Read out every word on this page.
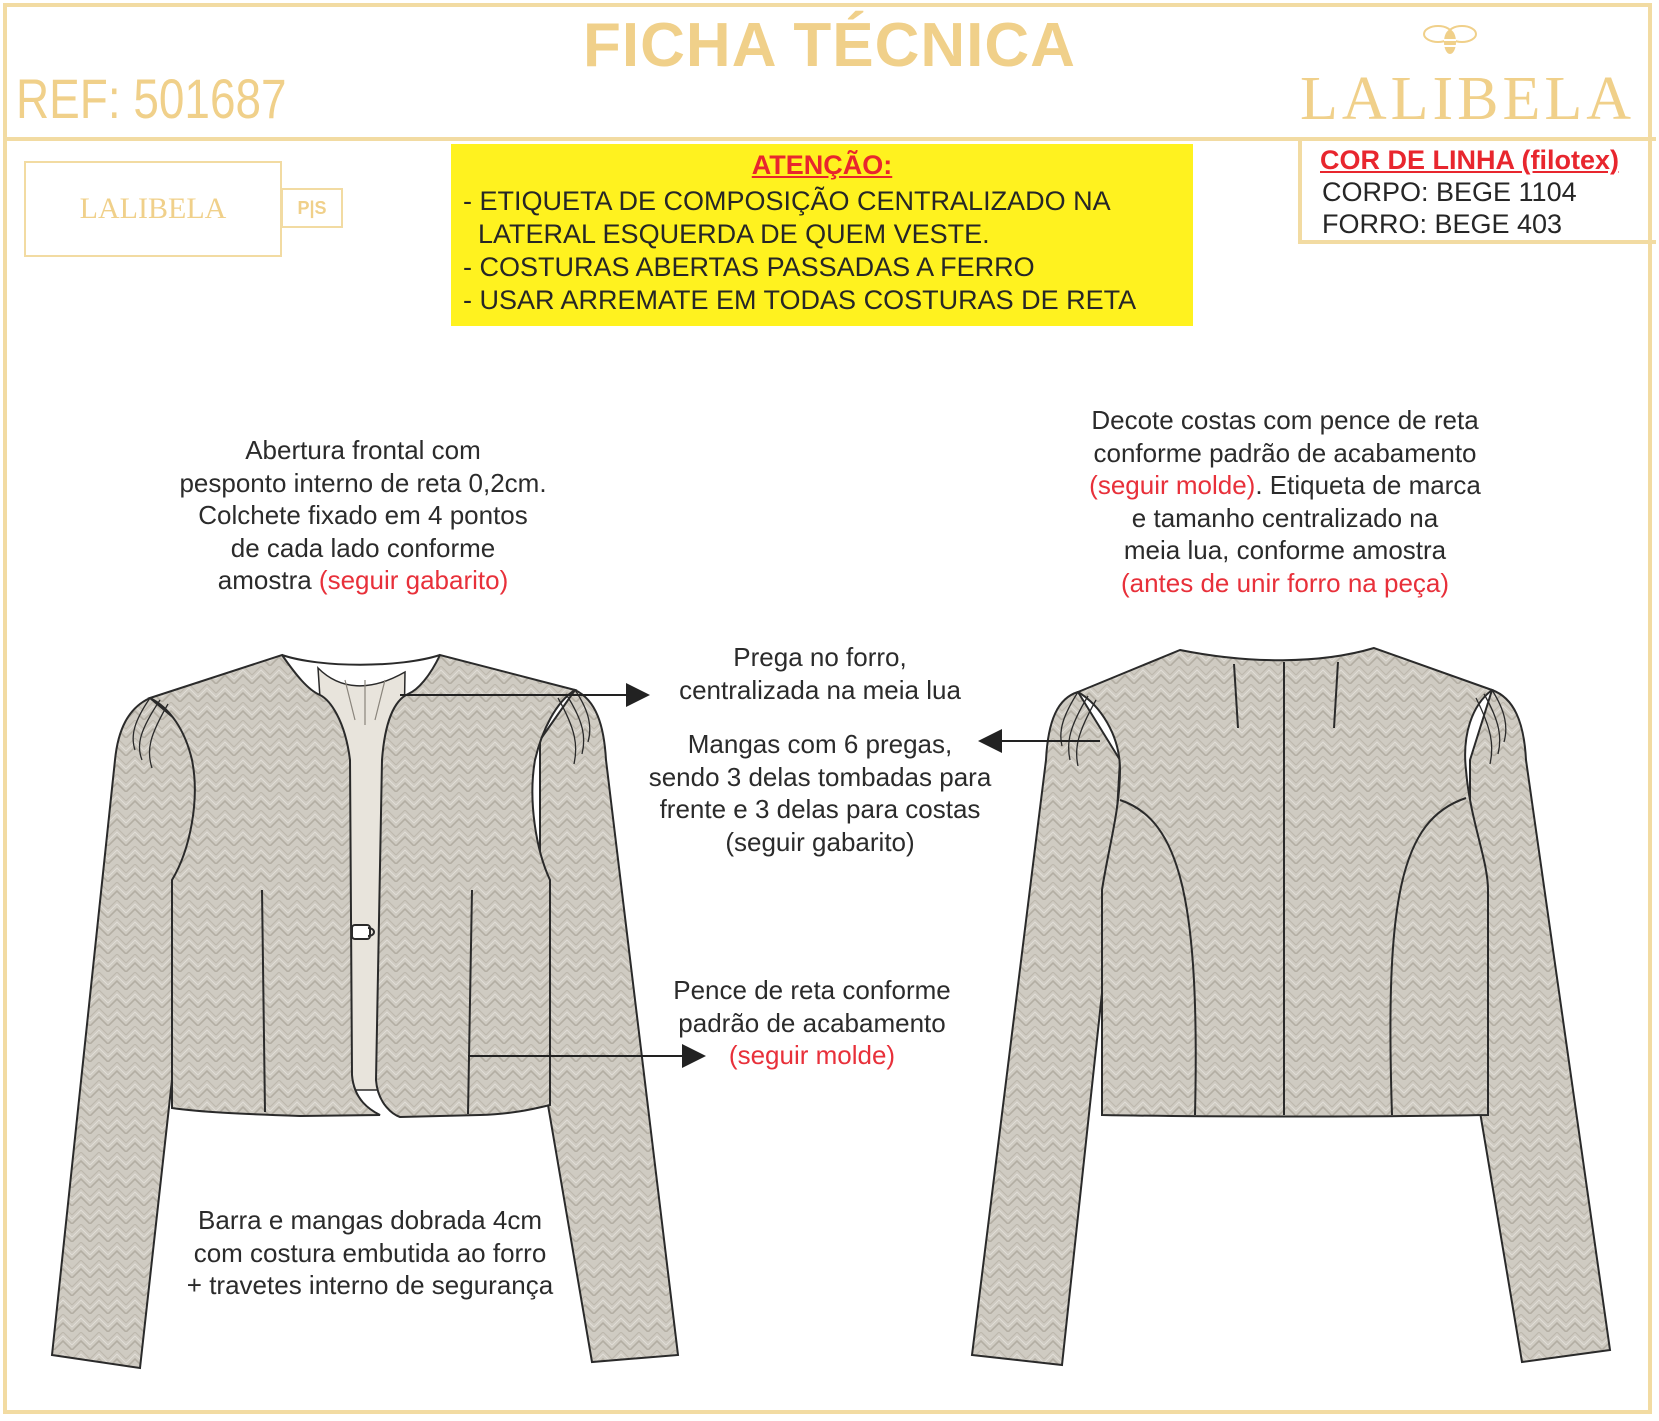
FICHA TÉCNICA
REF: 501687	LALIBELA
LALIBELA	P|S
ATENÇÃO:
- ETIQUETA DE COMPOSIÇÃO CENTRALIZADO NA
LATERAL ESQUERDA DE QUEM VESTE.
- COSTURAS ABERTAS PASSADAS A FERRO
- USAR ARREMATE EM TODAS COSTURAS DE RETA
COR DE LINHA (filotex)
CORPO: BEGE 1104
FORRO: BEGE 403
Abertura frontal com
pesponto interno de reta 0,2cm.
Colchete fixado em 4 pontos
de cada lado conforme
amostra (seguir gabarito)
Decote costas com pence de reta
conforme padrão de acabamento
(seguir molde). Etiqueta de marca
e tamanho centralizado na
meia lua, conforme amostra
(antes de unir forro na peça)
Prega no forro,
centralizada na meia lua
Mangas com 6 pregas,
sendo 3 delas tombadas para
frente e 3 delas para costas
(seguir gabarito)
Pence de reta conforme
padrão de acabamento
(seguir molde)
Barra e mangas dobrada 4cm
com costura embutida ao forro
+ travetes interno de segurança
